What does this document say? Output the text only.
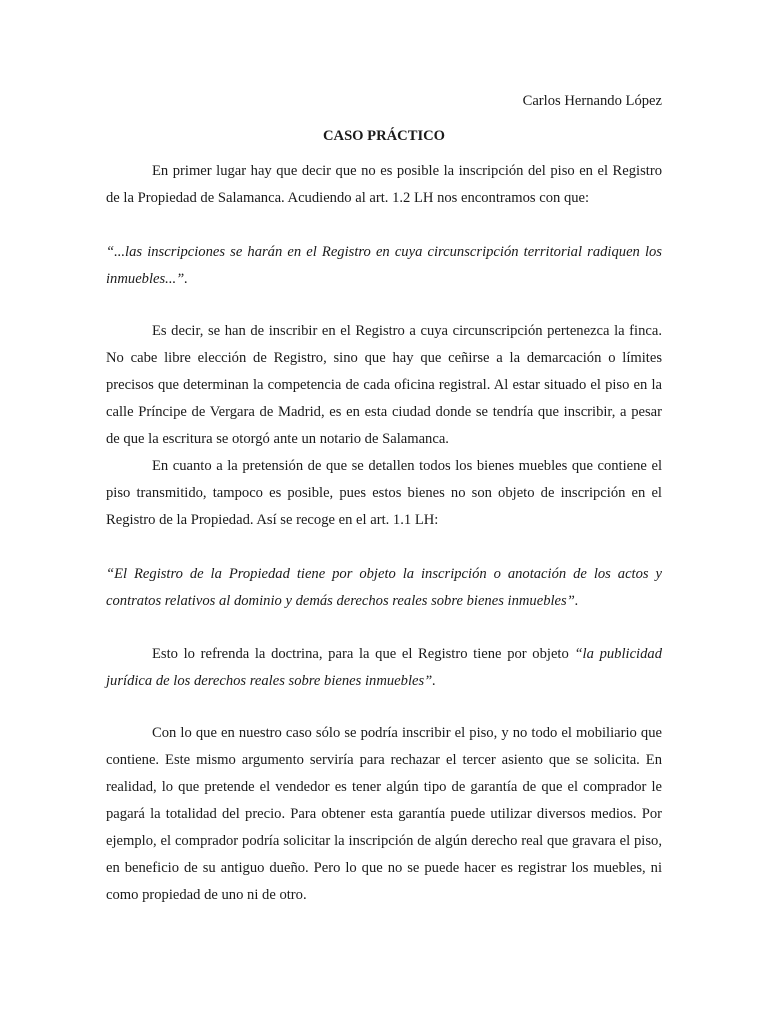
Carlos Hernando López
CASO PRÁCTICO

En primer lugar hay que decir que no es posible la inscripción del piso en el Registro de la Propiedad de Salamanca. Acudiendo al art. 1.2 LH nos encontramos con que:

“...las inscripciones se harán en el Registro en cuya circunscripción territorial radiquen los inmuebles...”.

Es decir, se han de inscribir en el Registro a cuya circunscripción pertenezca la finca. No cabe libre elección de Registro, sino que hay que ceñirse a la demarcación o límites precisos que determinan la competencia de cada oficina registral. Al estar situado el piso en la calle Príncipe de Vergara de Madrid, es en esta ciudad donde se tendría que inscribir, a pesar de que la escritura se otorgó ante un notario de Salamanca.

En cuanto a la pretensión de que se detallen todos los bienes muebles que contiene el piso transmitido, tampoco es posible, pues estos bienes no son objeto de inscripción en el Registro de la Propiedad. Así se recoge en el art. 1.1 LH:

“El Registro de la Propiedad tiene por objeto la inscripción o anotación de los actos y contratos relativos al dominio y demás derechos reales sobre bienes inmuebles”.

Esto lo refrenda la doctrina, para la que el Registro tiene por objeto “la publicidad jurídica de los derechos reales sobre bienes inmuebles”.

Con lo que en nuestro caso sólo se podría inscribir el piso, y no todo el mobiliario que contiene. Este mismo argumento serviría para rechazar el tercer asiento que se solicita. En realidad, lo que pretende el vendedor es tener algún tipo de garantía de que el comprador le pagará la totalidad del precio. Para obtener esta garantía puede utilizar diversos medios. Por ejemplo, el comprador podría solicitar la inscripción de algún derecho real que gravara el piso, en beneficio de su antiguo dueño. Pero lo que no se puede hacer es registrar los muebles, ni como propiedad de uno ni de otro.
